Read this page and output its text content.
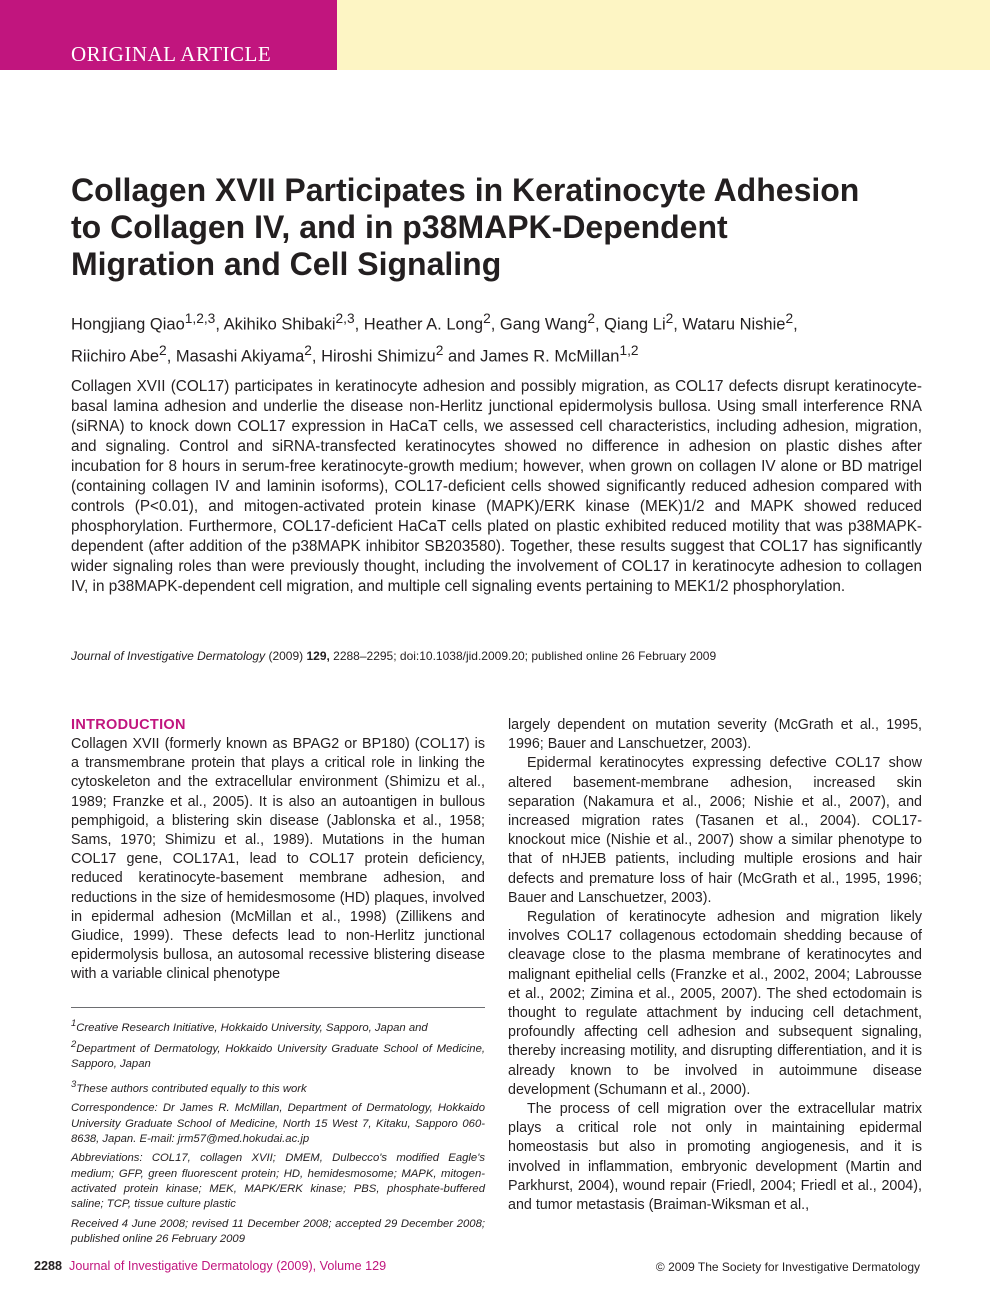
ORIGINAL ARTICLE
Collagen XVII Participates in Keratinocyte Adhesion
to Collagen IV, and in p38MAPK-Dependent
Migration and Cell Signaling
Hongjiang Qiao$^{1,2,3}$, Akihiko Shibaki$^{2,3}$, Heather A. Long$^2$, Gang Wang$^2$, Qiang Li$^2$, Wataru Nishie$^2$,
Riichiro Abe$^2$, Masashi Akiyama$^2$, Hiroshi Shimizu$^2$ and James R. McMillan$^{1,2}$

Collagen XVII (COL17) participates in keratinocyte adhesion and possibly migration, as COL17 defects disrupt keratinocyte-basal lamina adhesion and underlie the disease non-Herlitz junctional epidermolysis bullosa. Using small interference RNA (siRNA) to knock down COL17 expression in HaCaT cells, we assessed cell characteristics, including adhesion, migration, and signaling. Control and siRNA-transfected keratinocytes showed no difference in adhesion on plastic dishes after incubation for 8 hours in serum-free keratinocyte-growth medium; however, when grown on collagen IV alone or BD matrigel (containing collagen IV and laminin isoforms), COL17-deficient cells showed significantly reduced adhesion compared with controls (P<0.01), and mitogen-activated protein kinase (MAPK)/ERK kinase (MEK)1/2 and MAPK showed reduced phosphorylation. Furthermore, COL17-deficient HaCaT cells plated on plastic exhibited reduced motility that was p38MAPK-dependent (after addition of the p38MAPK inhibitor SB203580). Together, these results suggest that COL17 has significantly wider signaling roles than were previously thought, including the involvement of COL17 in keratinocyte adhesion to collagen IV, in p38MAPK-dependent cell migration, and multiple cell signaling events pertaining to MEK1/2 phosphorylation.

Journal of Investigative Dermatology (2009) 129, 2288–2295; doi:10.1038/jid.2009.20; published online 26 February 2009
INTRODUCTION

Collagen XVII (formerly known as BPAG2 or BP180) (COL17) is a transmembrane protein that plays a critical role in linking the cytoskeleton and the extracellular environment (Shimizu et al., 1989; Franzke et al., 2005). It is also an autoantigen in bullous pemphigoid, a blistering skin disease (Jablonska et al., 1958; Sams, 1970; Shimizu et al., 1989). Mutations in the human COL17 gene, COL17A1, lead to COL17 protein deficiency, reduced keratinocyte-basement membrane adhesion, and reductions in the size of hemidesmosome (HD) plaques, involved in epidermal adhesion (McMillan et al., 1998) (Zillikens and Giudice, 1999). These defects lead to non-Herlitz junctional epidermolysis bullosa, an autosomal recessive blistering disease with a variable clinical phenotype

largely dependent on mutation severity (McGrath et al., 1995, 1996; Bauer and Lanschuetzer, 2003).

Epidermal keratinocytes expressing defective COL17 show altered basement-membrane adhesion, increased skin separation (Nakamura et al., 2006; Nishie et al., 2007), and increased migration rates (Tasanen et al., 2004). COL17-knockout mice (Nishie et al., 2007) show a similar phenotype to that of nHJEB patients, including multiple erosions and hair defects and premature loss of hair (McGrath et al., 1995, 1996; Bauer and Lanschuetzer, 2003).

Regulation of keratinocyte adhesion and migration likely involves COL17 collagenous ectodomain shedding because of cleavage close to the plasma membrane of keratinocytes and malignant epithelial cells (Franzke et al., 2002, 2004; Labrousse et al., 2002; Zimina et al., 2005, 2007). The shed ectodomain is thought to regulate attachment by inducing cell detachment, profoundly affecting cell adhesion and subsequent signaling, thereby increasing motility, and disrupting differentiation, and it is already known to be involved in autoimmune disease development (Schumann et al., 2000).

The process of cell migration over the extracellular matrix plays a critical role not only in maintaining epidermal homeostasis but also in promoting angiogenesis, and it is involved in inflammation, embryonic development (Martin and Parkhurst, 2004), wound repair (Friedl, 2004; Friedl et al., 2004), and tumor metastasis (Braiman-Wiksman et al.,

$^1$Creative Research Initiative, Hokkaido University, Sapporo, Japan and
$^2$Department of Dermatology, Hokkaido University Graduate School of Medicine, Sapporo, Japan

$^3$These authors contributed equally to this work

Correspondence: Dr James R. McMillan, Department of Dermatology, Hokkaido University Graduate School of Medicine, North 15 West 7, Kitaku, Sapporo 060-8638, Japan. E-mail: jrm57@med.hokudai.ac.jp

Abbreviations: COL17, collagen XVII; DMEM, Dulbecco's modified Eagle's medium; GFP, green fluorescent protein; HD, hemidesmosome; MAPK, mitogen-activated protein kinase; MEK, MAPK/ERK kinase; PBS, phosphate-buffered saline; TCP, tissue culture plastic

Received 4 June 2008; revised 11 December 2008; accepted 29 December 2008; published online 26 February 2009

2288 Journal of Investigative Dermatology (2009), Volume 129	© 2009 The Society for Investigative Dermatology
